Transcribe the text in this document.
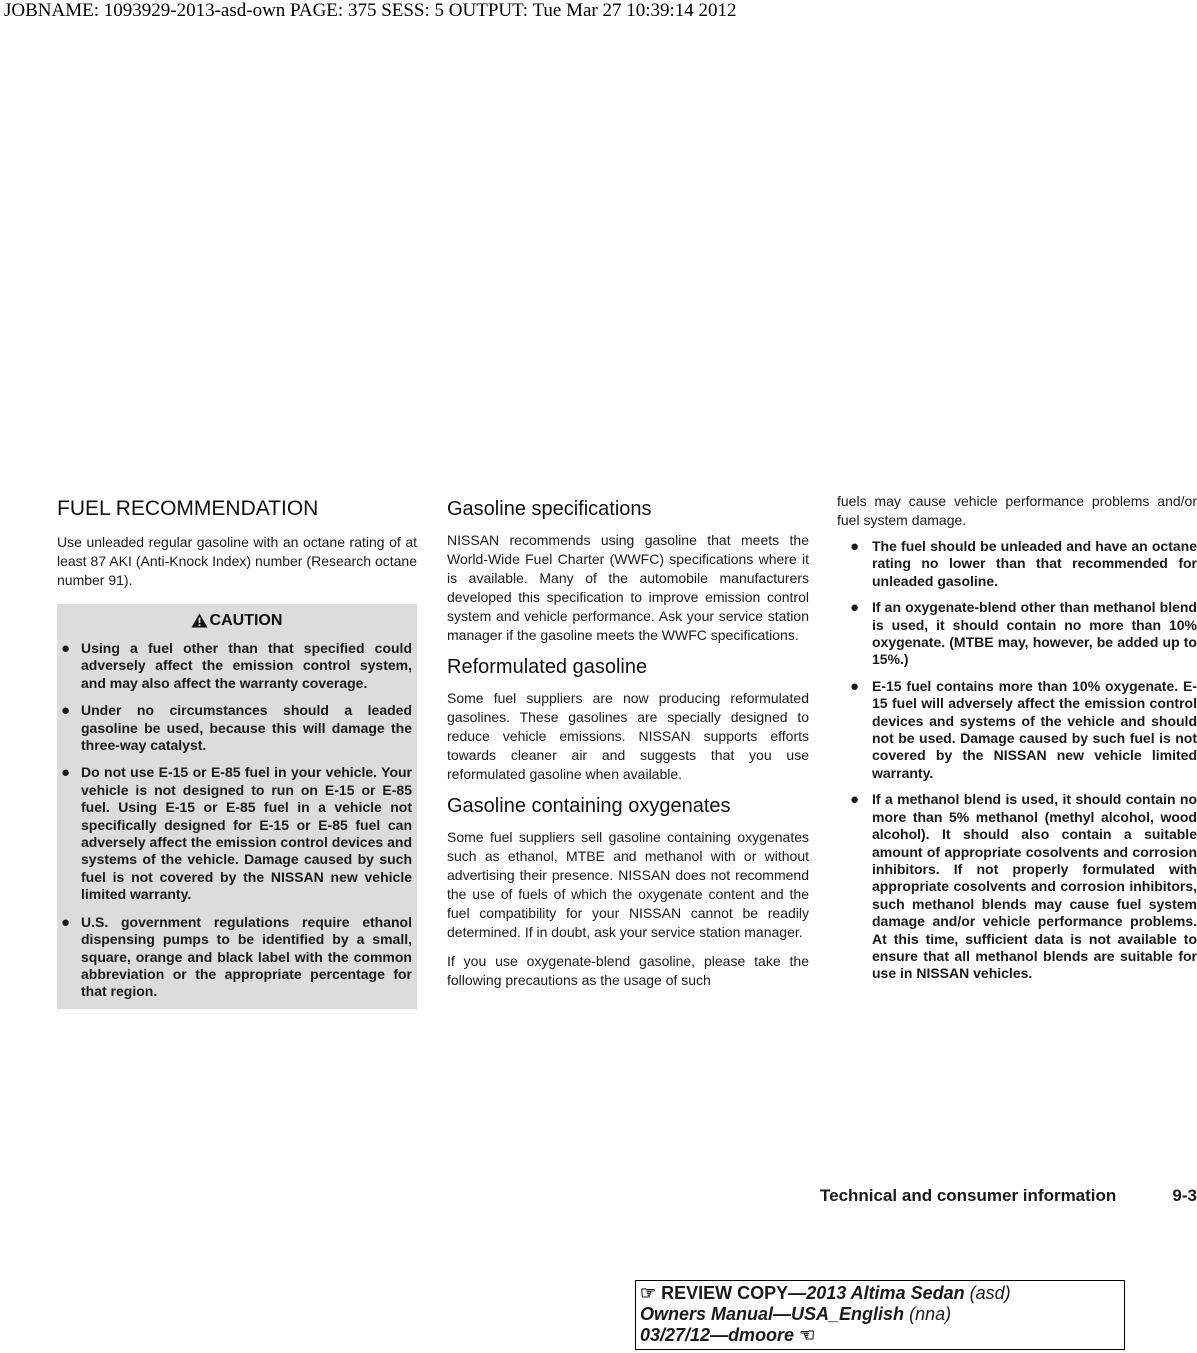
JOBNAME: 1093929-2013-asd-own PAGE: 375 SESS: 5 OUTPUT: Tue Mar 27 10:39:14 2012
FUEL RECOMMENDATION

Use unleaded regular gasoline with an octane rating of at least 87 AKI (Anti-Knock Index) number (Research octane number 91).

CAUTION
● Using a fuel other than that specified could adversely affect the emission control system, and may also affect the warranty coverage.
● Under no circumstances should a leaded gasoline be used, because this will damage the three-way catalyst.
● Do not use E-15 or E-85 fuel in your vehicle. Your vehicle is not designed to run on E-15 or E-85 fuel. Using E-15 or E-85 fuel in a vehicle not specifically designed for E-15 or E-85 fuel can adversely affect the emission control devices and systems of the vehicle. Damage caused by such fuel is not covered by the NISSAN new vehicle limited warranty.
● U.S. government regulations require ethanol dispensing pumps to be identified by a small, square, orange and black label with the common abbreviation or the appropriate percentage for that region.
Gasoline specifications

NISSAN recommends using gasoline that meets the World-Wide Fuel Charter (WWFC) specifications where it is available. Many of the automobile manufacturers developed this specification to improve emission control system and vehicle performance. Ask your service station manager if the gasoline meets the WWFC specifications.

Reformulated gasoline

Some fuel suppliers are now producing reformulated gasolines. These gasolines are specially designed to reduce vehicle emissions. NISSAN supports efforts towards cleaner air and suggests that you use reformulated gasoline when available.

Gasoline containing oxygenates

Some fuel suppliers sell gasoline containing oxygenates such as ethanol, MTBE and methanol with or without advertising their presence. NISSAN does not recommend the use of fuels of which the oxygenate content and the fuel compatibility for your NISSAN cannot be readily determined. If in doubt, ask your service station manager.

If you use oxygenate-blend gasoline, please take the following precautions as the usage of such

fuels may cause vehicle performance problems and/or fuel system damage.

● The fuel should be unleaded and have an octane rating no lower than that recommended for unleaded gasoline.
● If an oxygenate-blend other than methanol blend is used, it should contain no more than 10% oxygenate. (MTBE may, however, be added up to 15%.)
● E-15 fuel contains more than 10% oxygenate. E-15 fuel will adversely affect the emission control devices and systems of the vehicle and should not be used. Damage caused by such fuel is not covered by the NISSAN new vehicle limited warranty.
● If a methanol blend is used, it should contain no more than 5% methanol (methyl alcohol, wood alcohol). It should also contain a suitable amount of appropriate cosolvents and corrosion inhibitors. If not properly formulated with appropriate cosolvents and corrosion inhibitors, such methanol blends may cause fuel system damage and/or vehicle performance problems. At this time, sufficient data is not available to ensure that all methanol blends are suitable for use in NISSAN vehicles.
Technical and consumer information	9-3
☞ REVIEW COPY—2013 Altima Sedan (asd)
Owners Manual—USA_English (nna)
03/27/12—dmoore ☜
